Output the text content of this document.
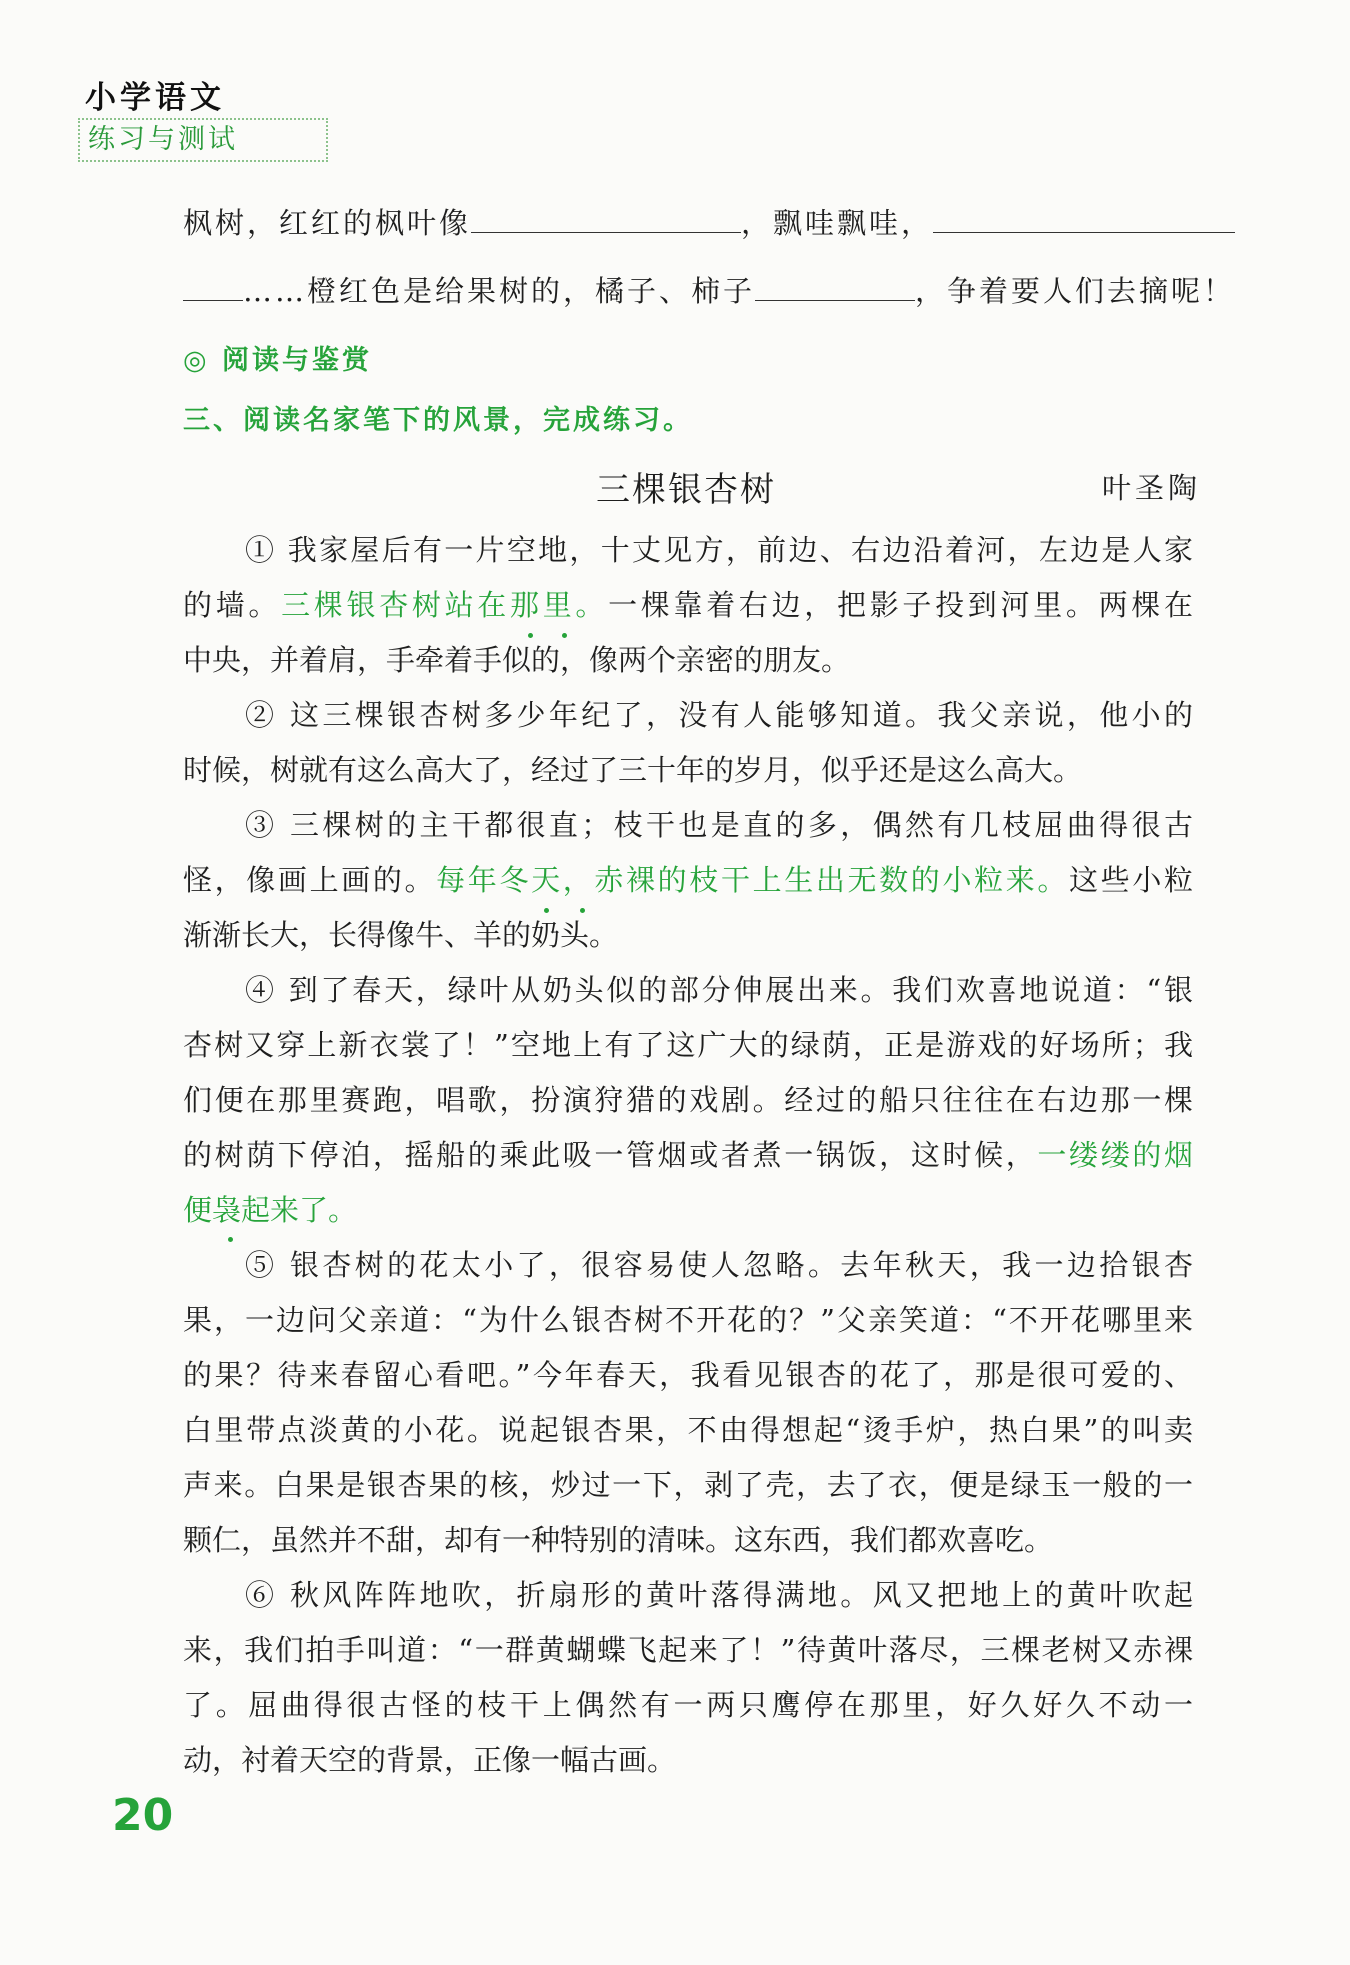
小学语文
练习与测试
枫树，红红的枫叶像	，飘哇飘哇，
……橙红色是给果树的，橘子、柿子	，争着要人们去摘呢！
◎ 阅读与鉴赏
三、阅读名家笔下的风景，完成练习。
三棵银杏树	叶圣陶
① 我家屋后有一片空地，十丈见方，前边、右边沿着河，左边是人家
的墙。三棵银杏树站在那里。一棵靠着右边，把影子投到河里。两棵在
中央，并着肩，手牵着手似的，像两个亲密的朋友。
② 这三棵银杏树多少年纪了，没有人能够知道。我父亲说，他小的
时候，树就有这么高大了，经过了三十年的岁月，似乎还是这么高大。
③ 三棵树的主干都很直；枝干也是直的多，偶然有几枝屈曲得很古
怪，像画上画的。每年冬天，赤裸的枝干上生出无数的小粒来。这些小粒
渐渐长大，长得像牛、羊的奶头。
④ 到了春天，绿叶从奶头似的部分伸展出来。我们欢喜地说道：“银
杏树又穿上新衣裳了！”空地上有了这广大的绿荫，正是游戏的好场所；我
们便在那里赛跑，唱歌，扮演狩猎的戏剧。经过的船只往往在右边那一棵
的树荫下停泊，摇船的乘此吸一管烟或者煮一锅饭，这时候，一缕缕的烟
便袅起来了。
⑤ 银杏树的花太小了，很容易使人忽略。去年秋天，我一边拾银杏
果，一边问父亲道：“为什么银杏树不开花的？”父亲笑道：“不开花哪里来
的果？待来春留心看吧。”今年春天，我看见银杏的花了，那是很可爱的、
白里带点淡黄的小花。说起银杏果，不由得想起“烫手炉，热白果”的叫卖
声来。白果是银杏果的核，炒过一下，剥了壳，去了衣，便是绿玉一般的一
颗仁，虽然并不甜，却有一种特别的清味。这东西，我们都欢喜吃。
⑥ 秋风阵阵地吹，折扇形的黄叶落得满地。风又把地上的黄叶吹起
来，我们拍手叫道：“一群黄蝴蝶飞起来了！”待黄叶落尽，三棵老树又赤裸
了。屈曲得很古怪的枝干上偶然有一两只鹰停在那里，好久好久不动一
动，衬着天空的背景，正像一幅古画。
20
